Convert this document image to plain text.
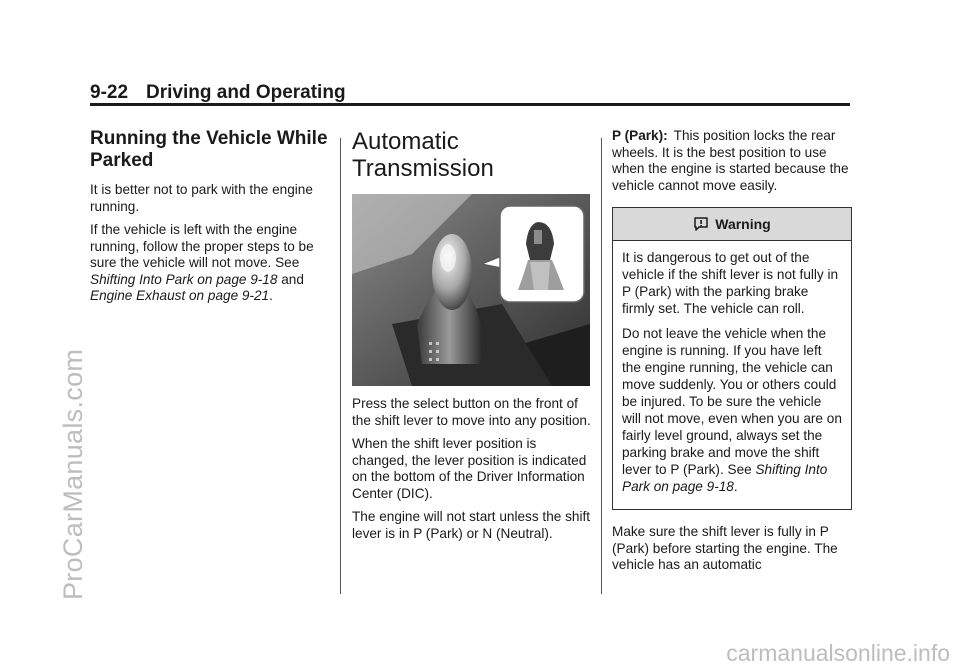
9-22 Driving and Operating
ProCarManuals.com
carmanualsonline.info
Running the Vehicle While Parked

It is better not to park with the engine running.

If the vehicle is left with the engine running, follow the proper steps to be sure the vehicle will not move. See Shifting Into Park on page 9-18 and Engine Exhaust on page 9-21.

Automatic Transmission

Press the select button on the front of the shift lever to move into any position.

When the shift lever position is changed, the lever position is indicated on the bottom of the Driver Information Center (DIC).

The engine will not start unless the shift lever is in P (Park) or N (Neutral).

P (Park): This position locks the rear wheels. It is the best position to use when the engine is started because the vehicle cannot move easily.

Warning

It is dangerous to get out of the vehicle if the shift lever is not fully in P (Park) with the parking brake firmly set. The vehicle can roll.

Do not leave the vehicle when the engine is running. If you have left the engine running, the vehicle can move suddenly. You or others could be injured. To be sure the vehicle will not move, even when you are on fairly level ground, always set the parking brake and move the shift lever to P (Park). See Shifting Into Park on page 9-18.

Make sure the shift lever is fully in P (Park) before starting the engine. The vehicle has an automatic
